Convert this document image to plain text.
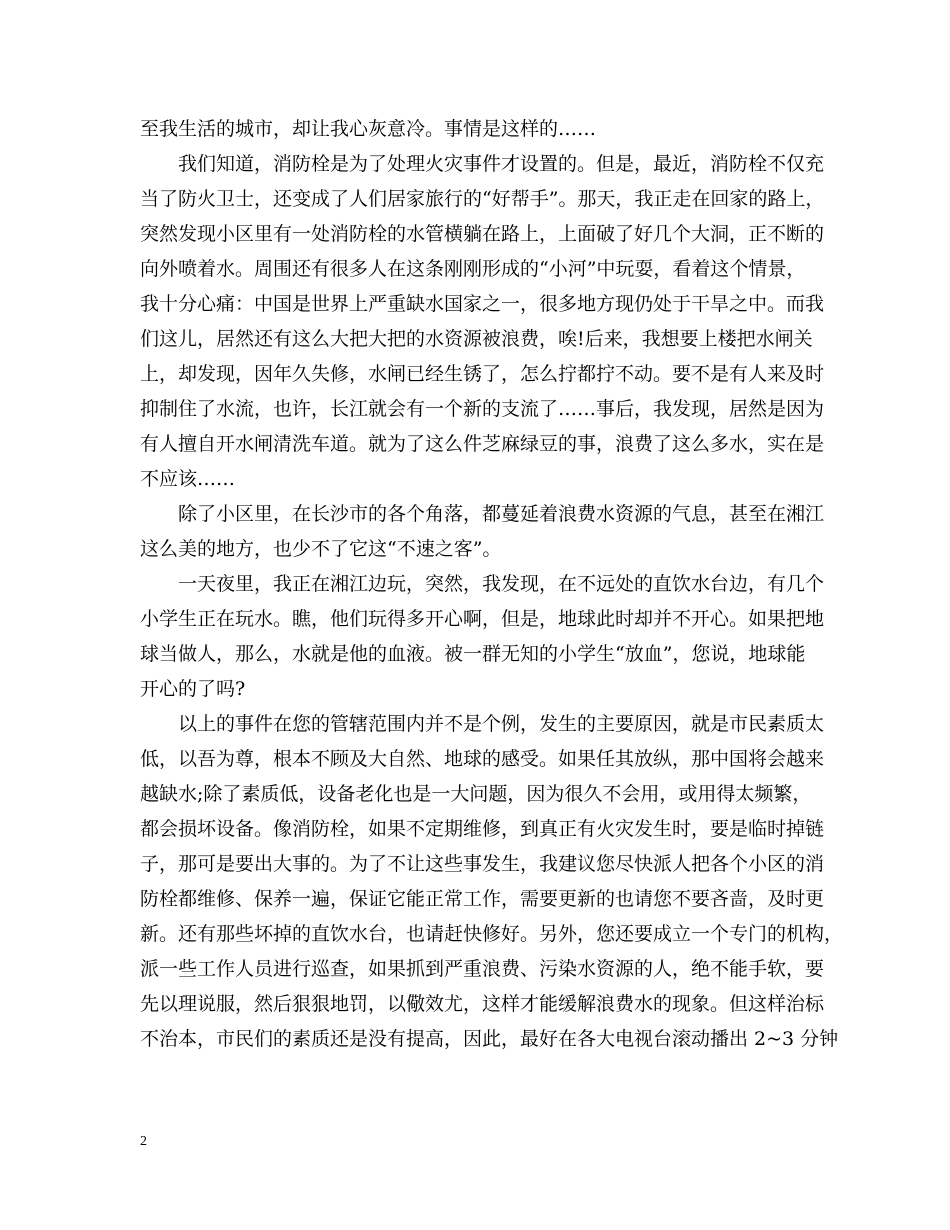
至我生活的城市，却让我心灰意冷。事情是这样的……
我们知道，消防栓是为了处理火灾事件才设置的。但是，最近，消防栓不仅充
当了防火卫士，还变成了人们居家旅行的“好帮手”。那天，我正走在回家的路上，
突然发现小区里有一处消防栓的水管横躺在路上，上面破了好几个大洞，正不断的
向外喷着水。周围还有很多人在这条刚刚形成的“小河”中玩耍，看着这个情景，
我十分心痛：中国是世界上严重缺水国家之一，很多地方现仍处于干旱之中。而我
们这儿，居然还有这么大把大把的水资源被浪费，唉!后来，我想要上楼把水闸关
上，却发现，因年久失修，水闸已经生锈了，怎么拧都拧不动。要不是有人来及时
抑制住了水流，也许，长江就会有一个新的支流了……事后，我发现，居然是因为
有人擅自开水闸清洗车道。就为了这么件芝麻绿豆的事，浪费了这么多水，实在是
不应该……
除了小区里，在长沙市的各个角落，都蔓延着浪费水资源的气息，甚至在湘江
这么美的地方，也少不了它这“不速之客”。
一天夜里，我正在湘江边玩，突然，我发现，在不远处的直饮水台边，有几个
小学生正在玩水。瞧，他们玩得多开心啊，但是，地球此时却并不开心。如果把地
球当做人，那么，水就是他的血液。被一群无知的小学生“放血”，您说，地球能
开心的了吗?
以上的事件在您的管辖范围内并不是个例，发生的主要原因，就是市民素质太
低，以吾为尊，根本不顾及大自然、地球的感受。如果任其放纵，那中国将会越来
越缺水;除了素质低，设备老化也是一大问题，因为很久不会用，或用得太频繁，
都会损坏设备。像消防栓，如果不定期维修，到真正有火灾发生时，要是临时掉链
子，那可是要出大事的。为了不让这些事发生，我建议您尽快派人把各个小区的消
防栓都维修、保养一遍，保证它能正常工作，需要更新的也请您不要吝啬，及时更
新。还有那些坏掉的直饮水台，也请赶快修好。另外，您还要成立一个专门的机构，
派一些工作人员进行巡查，如果抓到严重浪费、污染水资源的人，绝不能手软，要
先以理说服，然后狠狠地罚，以儆效尤，这样才能缓解浪费水的现象。但这样治标
不治本，市民们的素质还是没有提高，因此，最好在各大电视台滚动播出 2~3 分钟
2
